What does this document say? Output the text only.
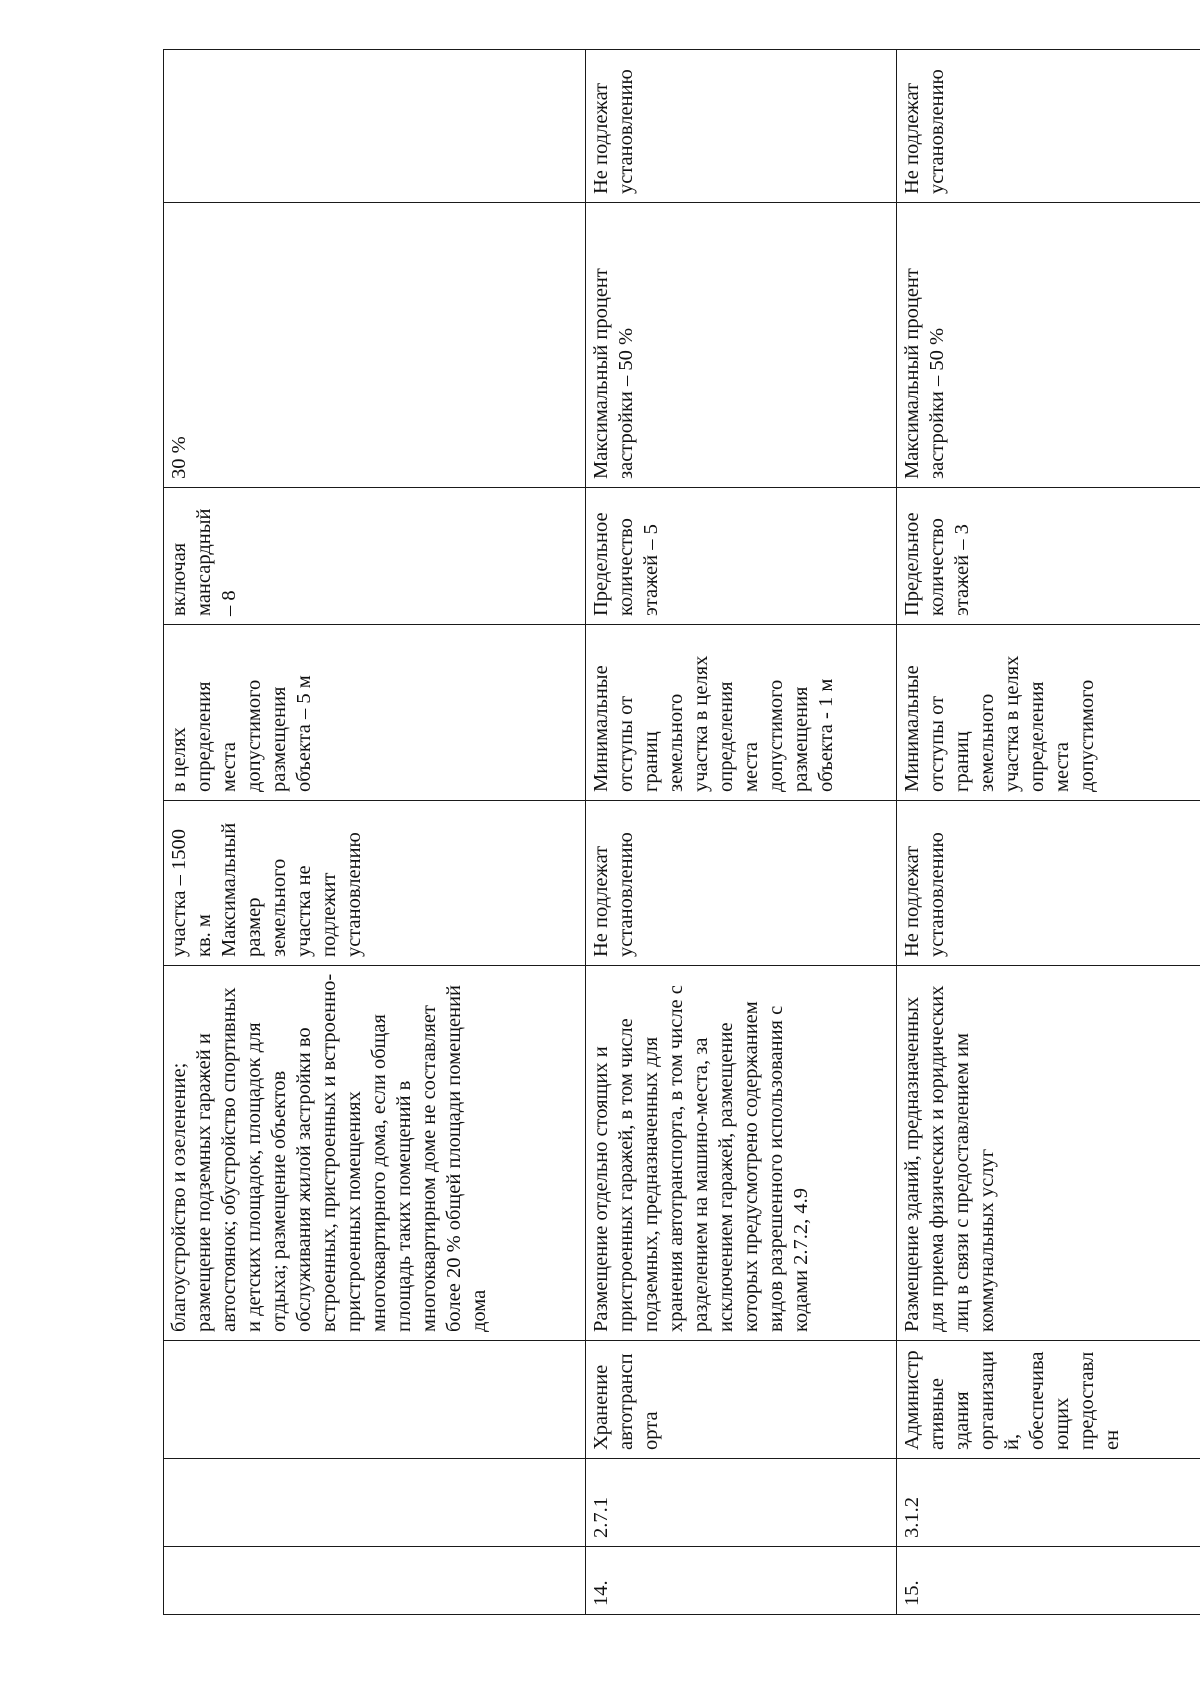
			благоустройство и озеленение; размещение подземных гаражей и автостоянок; обустройство спортивных и детских площадок, площадок для отдыха; размещение объектов обслуживания жилой застройки во встроенных, пристроенных и встроенно-пристроенных помещениях многоквартирного дома, если общая площадь таких помещений в многоквартирном доме не составляет более 20 % общей площади помещений дома	участка – 1500 кв. м Максимальный размер земельного участка не подлежит установлению	в целях определения места допустимого размещения объекта – 5 м	включая мансардный – 8	30 %	
14.	2.7.1	Хранение автотранспорта	Размещение отдельно стоящих и пристроенных гаражей, в том числе подземных, предназначенных для хранения автотранспорта, в том числе с разделением на машино-места, за исключением гаражей, размещение которых предусмотрено содержанием видов разрешенного использования с кодами 2.7.2, 4.9	Не подлежат установлению	Минимальные отступы от границ земельного участка в целях определения места допустимого размещения объекта - 1 м	Предельное количество этажей – 5	Максимальный процент застройки – 50 %	Не подлежат установлению
15.	3.1.2	Административные здания организаций, обеспечивающих предоставлен	Размещение зданий, предназначенных для приема физических и юридических лиц в связи с предоставлением им коммунальных услуг	Не подлежат установлению	Минимальные отступы от границ земельного участка в целях определения места допустимого	Предельное количество этажей – 3	Максимальный процент застройки – 50 %	Не подлежат установлению
